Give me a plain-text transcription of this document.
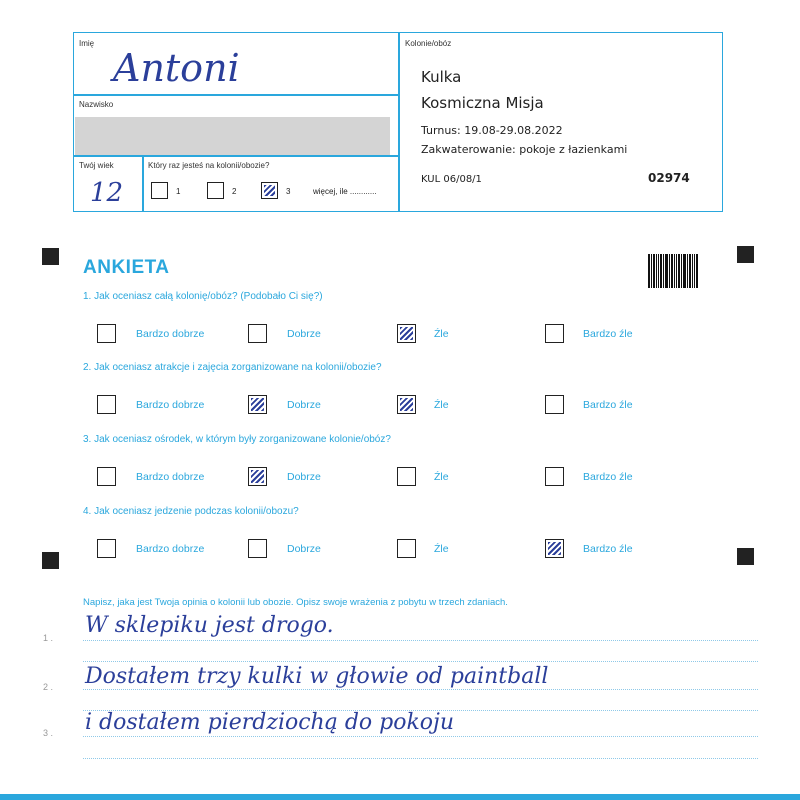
Imię
Antoni
Nazwisko
Twój wiek
12
Który raz jesteś na kolonii/obozie?
1	2	3	więcej, ile ............
Kolonie/obóz
Kulka
Kosmiczna Misja
Turnus: 19.08-29.08.2022
Zakwaterowanie: pokoje z łazienkami
KUL 06/08/1	02974
ANKIETA
1. Jak oceniasz całą kolonię/obóz? (Podobało Ci się?)
Bardzo dobrze	Dobrze	Źle	Bardzo źle
2. Jak oceniasz atrakcje i zajęcia zorganizowane na kolonii/obozie?
Bardzo dobrze	Dobrze	Źle	Bardzo źle
3. Jak oceniasz ośrodek, w którym były zorganizowane kolonie/obóz?
Bardzo dobrze	Dobrze	Źle	Bardzo źle
4. Jak oceniasz jedzenie podczas kolonii/obozu?
Bardzo dobrze	Dobrze	Źle	Bardzo źle
Napisz, jaka jest Twoja opinia o kolonii lub obozie. Opisz swoje wrażenia z pobytu w trzech zdaniach.
1 . W sklepiku jest drogo.
2 . Dostałem trzy kulki w głowie od paintball
3 . i dostałem pierdziochą do pokoju
